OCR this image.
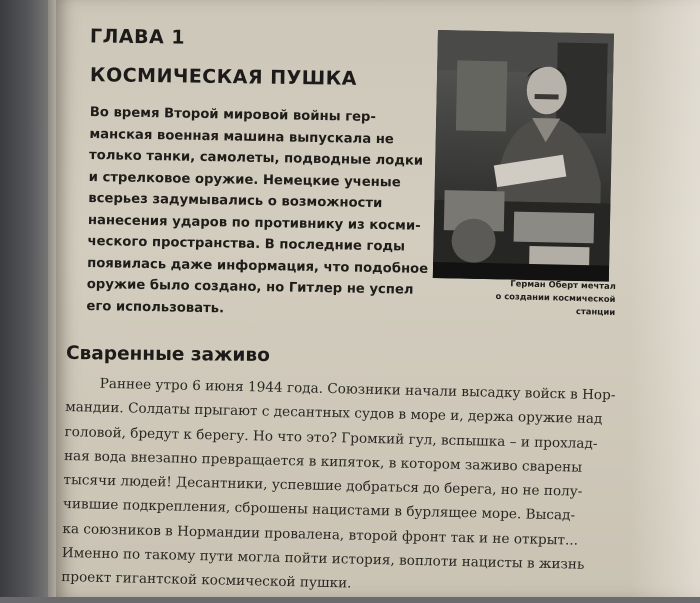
ГЛАВА 1
КОСМИЧЕСКАЯ ПУШКА
Во время Второй мировой войны гер-
манская военная машина выпускала не
только танки, самолеты, подводные лодки
и стрелковое оружие. Немецкие ученые
всерьез задумывались о возможности
нанесения ударов по противнику из косми-
ческого пространства. В последние годы
появилась даже информация, что подобное
оружие было создано, но Гитлер не успел
его использовать.
Герман Оберт мечтал
о создании космической
станции
Сваренные заживо
Раннее утро 6 июня 1944 года. Союзники начали высадку войск в Нор-
мандии. Солдаты прыгают с десантных судов в море и, держа оружие над
головой, бредут к берегу. Но что это? Громкий гул, вспышка – и прохлад-
ная вода внезапно превращается в кипяток, в котором заживо сварены
тысячи людей! Десантники, успевшие добраться до берега, но не полу-
чившие подкрепления, сброшены нацистами в бурлящее море. Высад-
ка союзников в Нормандии провалена, второй фронт так и не открыт...
Именно по такому пути могла пойти история, воплоти нацисты в жизнь
проект гигантской космической пушки.
